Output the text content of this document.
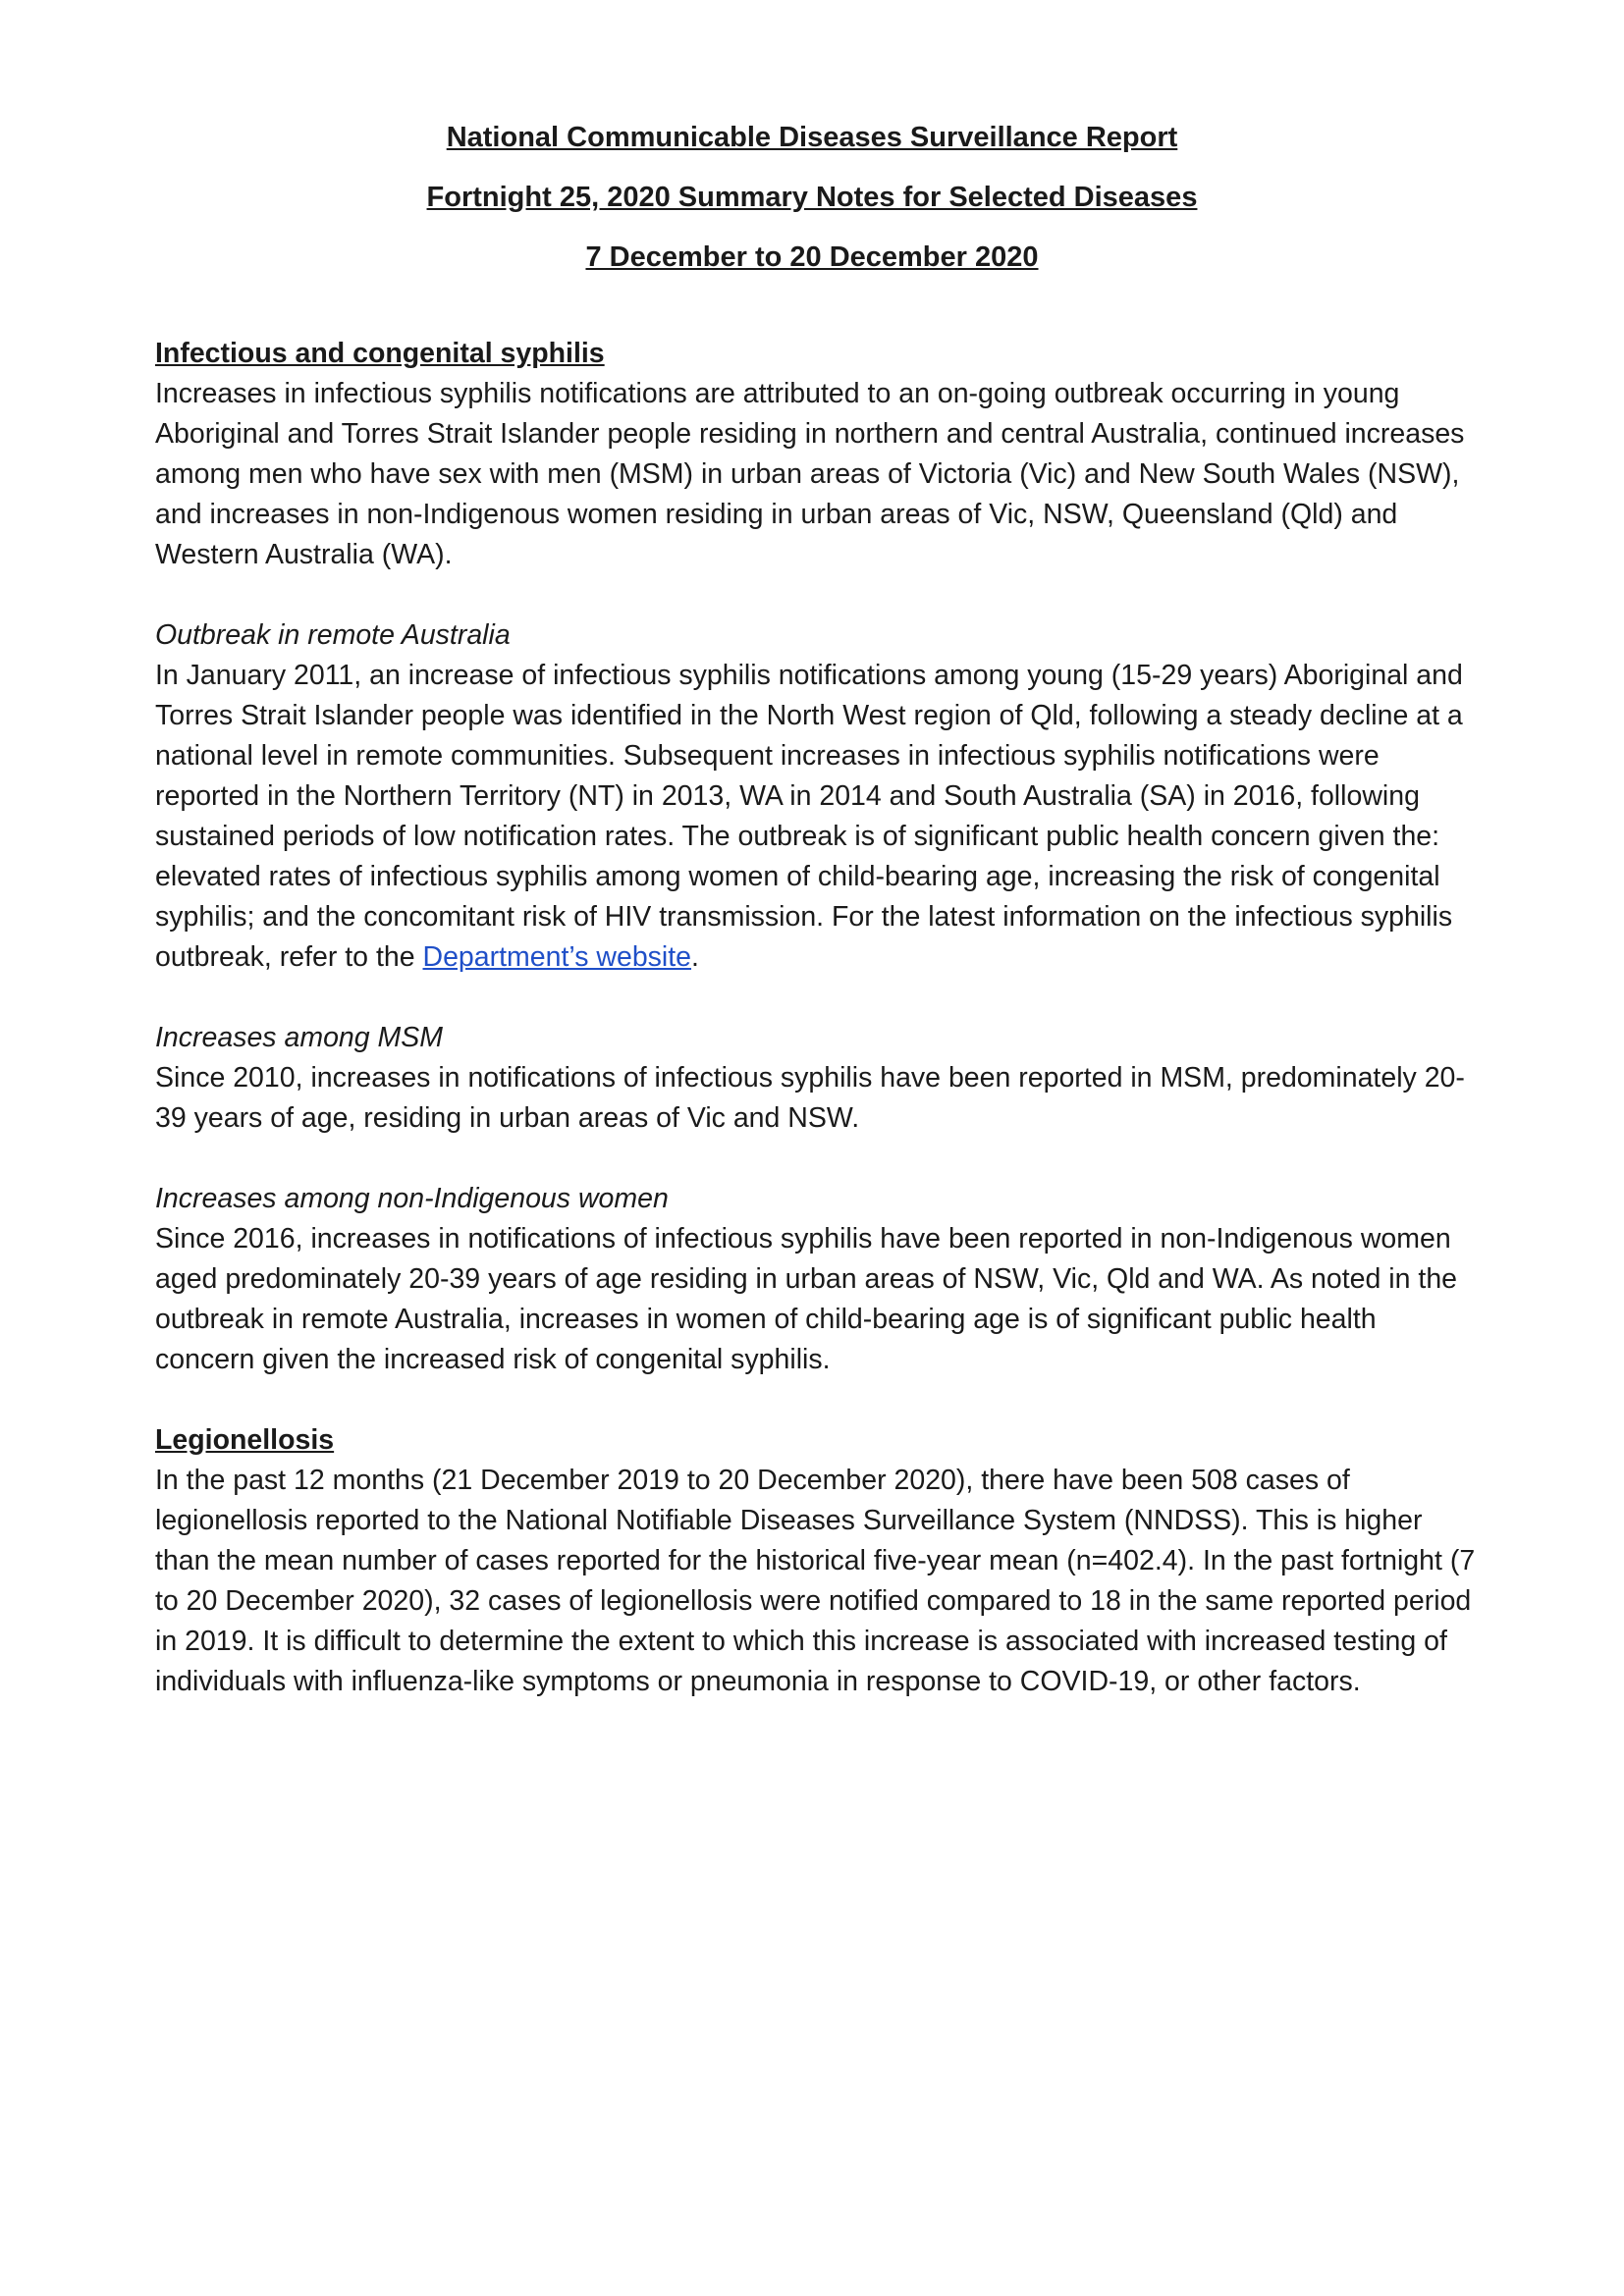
National Communicable Diseases Surveillance Report
Fortnight 25, 2020 Summary Notes for Selected Diseases
7 December to 20 December 2020

Infectious and congenital syphilis

Increases in infectious syphilis notifications are attributed to an on-going outbreak occurring in young Aboriginal and Torres Strait Islander people residing in northern and central Australia, continued increases among men who have sex with men (MSM) in urban areas of Victoria (Vic) and New South Wales (NSW), and increases in non-Indigenous women residing in urban areas of Vic, NSW, Queensland (Qld) and Western Australia (WA).

Outbreak in remote Australia

In January 2011, an increase of infectious syphilis notifications among young (15-29 years) Aboriginal and Torres Strait Islander people was identified in the North West region of Qld, following a steady decline at a national level in remote communities. Subsequent increases in infectious syphilis notifications were reported in the Northern Territory (NT) in 2013, WA in 2014 and South Australia (SA) in 2016, following sustained periods of low notification rates. The outbreak is of significant public health concern given the: elevated rates of infectious syphilis among women of child-bearing age, increasing the risk of congenital syphilis; and the concomitant risk of HIV transmission. For the latest information on the infectious syphilis outbreak, refer to the Department’s website.

Increases among MSM

Since 2010, increases in notifications of infectious syphilis have been reported in MSM, predominately 20-39 years of age, residing in urban areas of Vic and NSW.

Increases among non-Indigenous women

Since 2016, increases in notifications of infectious syphilis have been reported in non-Indigenous women aged predominately 20-39 years of age residing in urban areas of NSW, Vic, Qld and WA. As noted in the outbreak in remote Australia, increases in women of child-bearing age is of significant public health concern given the increased risk of congenital syphilis.

Legionellosis

In the past 12 months (21 December 2019 to 20 December 2020), there have been 508 cases of legionellosis reported to the National Notifiable Diseases Surveillance System (NNDSS). This is higher than the mean number of cases reported for the historical five-year mean (n=402.4). In the past fortnight (7 to 20 December 2020), 32 cases of legionellosis were notified compared to 18 in the same reported period in 2019. It is difficult to determine the extent to which this increase is associated with increased testing of individuals with influenza-like symptoms or pneumonia in response to COVID-19, or other factors.
